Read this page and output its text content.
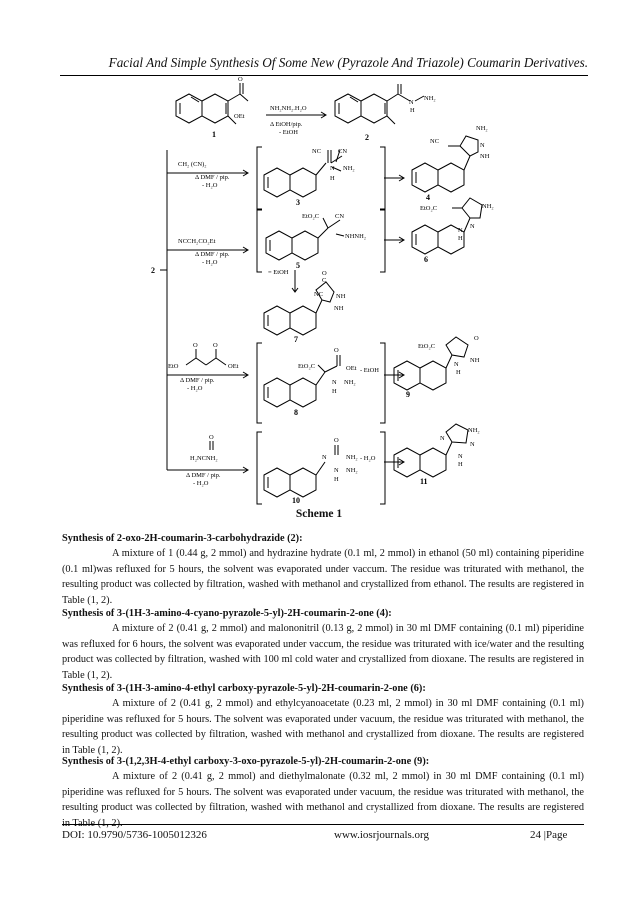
Facial And Simple Synthesis Of Some New (Pyrazole And Triazole) Coumarin Derivatives.
OEt
O
NH₂NH₂.H₂O
Δ EtOH/pip.
- EtOH
N
NH₂
H
CH₂ (CN)₂
Δ DMF / pip.
- H₂O
NC	CN
N NH₂
H
NC
NH₂
N
NH
NCCH₂CO₂Et
Δ DMF / pip.
- H₂O
EtO₂C CN
NHNH₂
EtO₂C	NH₂
N
N
H
= EtOH
NC
C
O
NH
NH
EtO	OEt
O O
Δ DMF / pip.
- H₂O
EtO₂C
O
OEt
N NH₂
H
- EtOH
EtO₂C
O
NH
N
H
O
H₂NCNH₂
Δ DMF / pip.
- H₂O
O
N	NH₂
N NH₂
H
- H₂O
NH₂
N
N
N
H
1	2
3
4
5
6
7
8
9
10
11
2
Scheme 1
Synthesis of 2-oxo-2H-coumarin-3-carbohydrazide (2):

A mixture of 1 (0.44 g, 2 mmol) and hydrazine hydrate (0.1 ml, 2 mmol) in ethanol (50 ml) containing piperidine (0.1 ml)was refluxed for 5 hours, the solvent was evaporated under vaccum. The residue was triturated with methanol, the resulting product was collected by filtration, washed with methanol and crystallized from ethanol. The results are registered in Table (1, 2).

Synthesis of 3-(1H-3-amino-4-cyano-pyrazole-5-yl)-2H-coumarin-2-one (4):

A mixture of 2 (0.41 g, 2 mmol) and malononitril (0.13 g, 2 mmol) in 30 ml DMF containing (0.1 ml) piperidine was refluxed for 6 hours, the solvent was evaporated under vaccum, the residue was triturated with ice/water and the resulting product was collected by filtration, washed with 100 ml cold water and crystallized from dioxane. The results are registered in Table (1, 2).

Synthesis of 3-(1H-3-amino-4-ethyl carboxy-pyrazole-5-yl)-2H-coumarin-2-one (6):

A mixture of 2 (0.41 g, 2 mmol) and ethylcyanoacetate (0.23 ml, 2 mmol) in 30 ml DMF containing (0.1 ml) piperidine was refluxed for 5 hours. The solvent was evaporated under vacuum, the residue was triturated with methanol, the resulting product was collected by filtration, washed with methanol and crystallized from dioxane. The results are registered in Table (1, 2).

Synthesis of 3-(1,2,3H-4-ethyl carboxy-3-oxo-pyrazole-5-yl)-2H-coumarin-2-one (9):

A mixture of 2 (0.41 g, 2 mmol) and diethylmalonate (0.32 ml, 2 mmol) in 30 ml DMF containing (0.1 ml) piperidine was refluxed for 5 hours. The solvent was evaporated under vacuum, the residue was triturated with methanol, the resulting product was collected by filtration, washed with methanol and crystallized from dioxane. The results are registered in Table (1, 2).

DOI: 10.9790/5736-1005012326	www.iosrjournals.org	24 |Page
